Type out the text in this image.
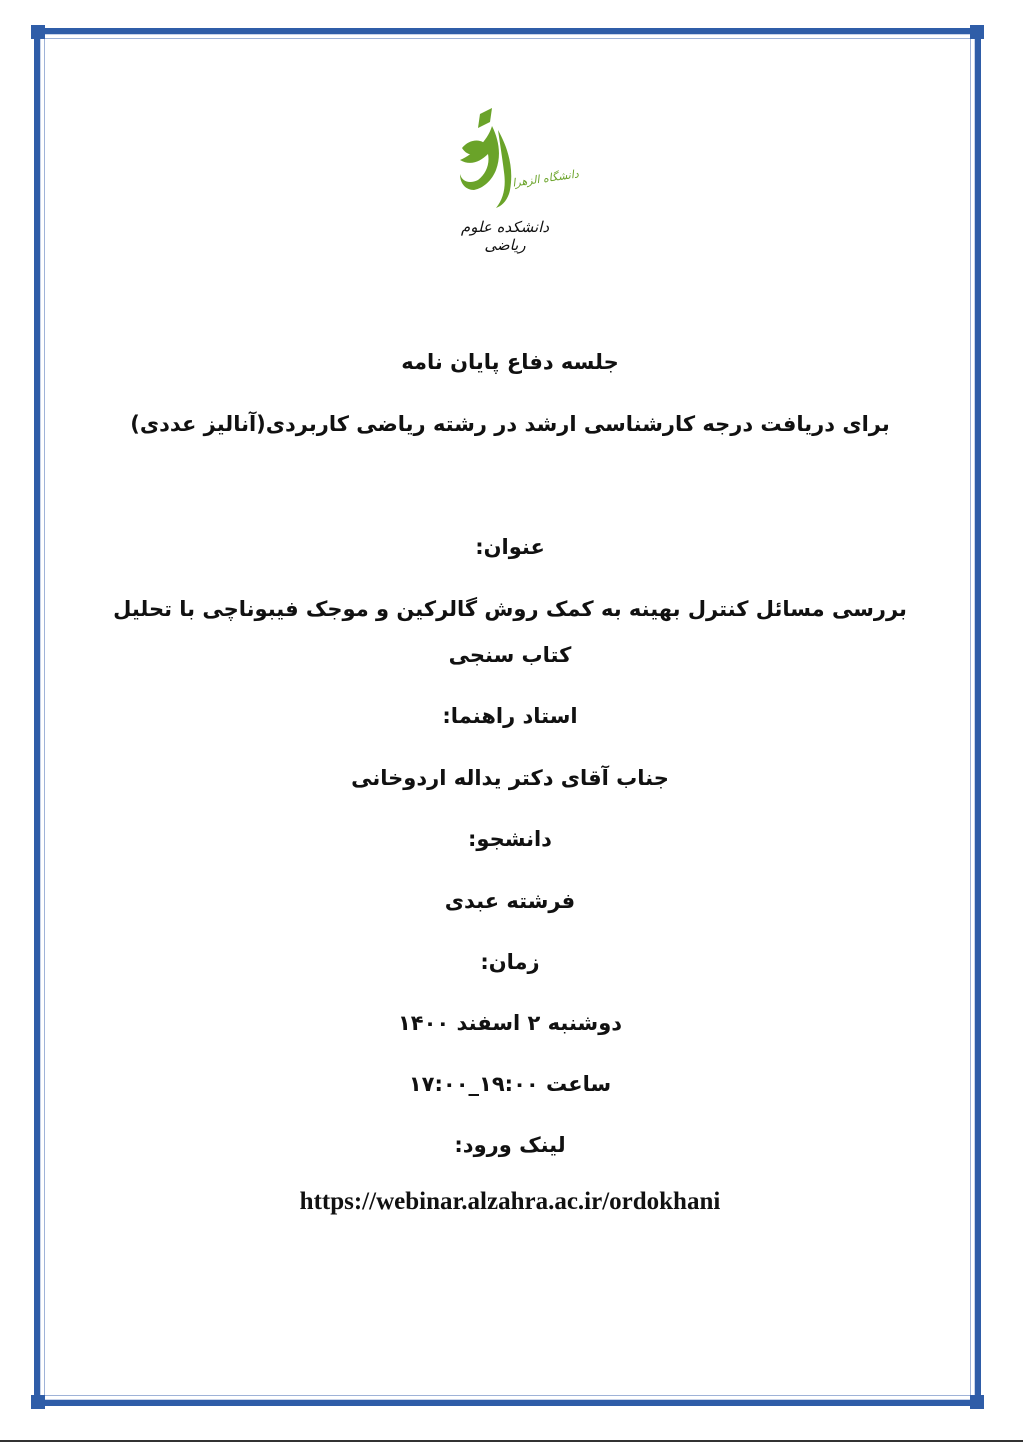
دانشگاه الزهرا
دانشکده علوم ریاضی
جلسه دفاع پایان نامه
برای دریافت درجه کارشناسی ارشد در رشته ریاضی کاربردی(آنالیز عددی)
عنوان:
بررسی مسائل کنترل بهینه به کمک روش گالرکین و موجک فیبوناچی با تحلیل
کتاب سنجی
استاد راهنما:
جناب آقای دکتر یداله اردوخانی
دانشجو:
فرشته عبدی
زمان:
دوشنبه ۲ اسفند ۱۴۰۰
ساعت ۱۹:۰۰_۱۷:۰۰
لینک ورود:
https://webinar.alzahra.ac.ir/ordokhani
